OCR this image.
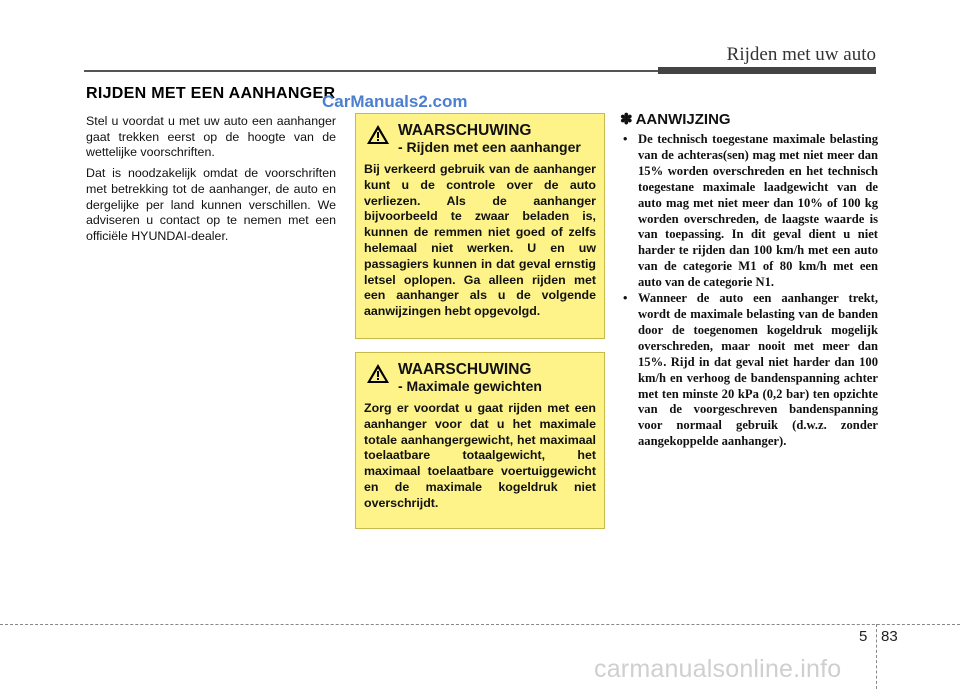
Rijden met uw auto
RIJDEN MET EEN AANHANGER
CarManuals2.com

Stel u voordat u met uw auto een aanhanger gaat trekken eerst op de hoogte van de wettelijke voorschriften.

Dat is noodzakelijk omdat de voorschriften met betrekking tot de aanhanger, de auto en dergelijke per land kunnen verschillen. We adviseren u contact op te nemen met een officiële HYUNDAI-dealer.

WAARSCHUWING
- Rijden met een aanhanger
Bij verkeerd gebruik van de aanhanger kunt u de controle over de auto verliezen. Als de aanhanger bijvoorbeeld te zwaar beladen is, kunnen de remmen niet goed of zelfs helemaal niet werken. U en uw passagiers kunnen in dat geval ernstig letsel oplopen. Ga alleen rijden met een aanhanger als u de volgende aanwijzingen hebt opgevolgd.
WAARSCHUWING
- Maximale gewichten
Zorg er voordat u gaat rijden met een aanhanger voor dat u het maximale totale aanhangergewicht, het maximaal toelaatbare totaalgewicht, het maximaal toelaatbare voertuiggewicht en de maximale kogeldruk niet overschrijdt.
✽ AANWIJZING
• De technisch toegestane maximale belasting van de achteras(sen) mag met niet meer dan 15% worden overschreden en het technisch toegestane maximale laadgewicht van de auto mag met niet meer dan 10% of 100 kg worden overschreden, de laagste waarde is van toepassing. In dit geval dient u niet harder te rijden dan 100 km/h met een auto van de categorie M1 of 80 km/h met een auto van de categorie N1.
• Wanneer de auto een aanhanger trekt, wordt de maximale belasting van de banden door de toegenomen kogeldruk mogelijk overschreden, maar nooit met meer dan 15%. Rijd in dat geval niet harder dan 100 km/h en verhoog de bandenspanning achter met ten minste 20 kPa (0,2 bar) ten opzichte van de voorgeschreven bandenspanning voor normaal gebruik (d.w.z. zonder aangekoppelde aanhanger).
5 83
carmanualsonline.info
